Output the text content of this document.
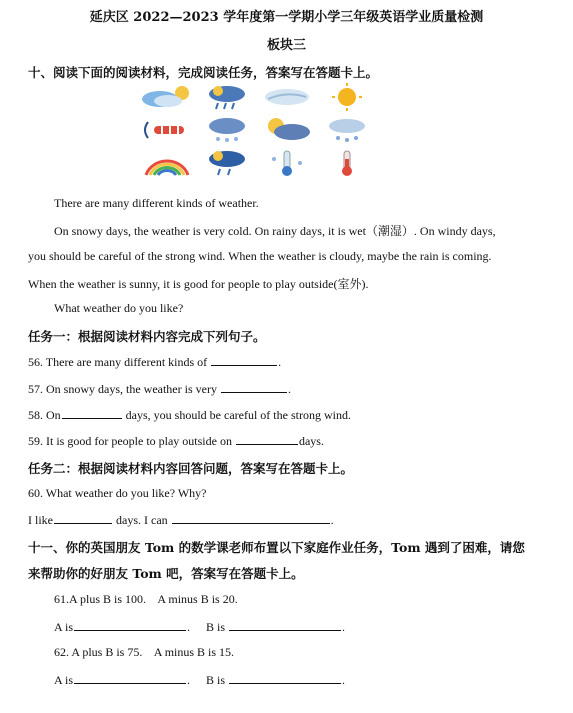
延庆区 2022—2023 学年度第一学期小学三年级英语学业质量检测
板块三
十、阅读下面的阅读材料，完成阅读任务，答案写在答题卡上。
There are many different kinds of weather.
On snowy days, the weather is very cold. On rainy days, it is wet（潮湿）. On windy days,
you should be careful of the strong wind. When the weather is cloudy, maybe the rain is coming.
When the weather is sunny, it is good for people to play outside(室外).
What weather do you like?
任务一：根据阅读材料内容完成下列句子。
56. There are many different kinds of	.
57. On snowy days, the weather is very	.
58. On	days, you should be careful of the strong wind.
59. It is good for people to play outside on	days.
任务二：根据阅读材料内容回答问题，答案写在答题卡上。
60. What weather do you like? Why?
I like	days. I can	.
十一、你的英国朋友 Tom 的数学课老师布置以下家庭作业任务，Tom 遇到了困难，请您
来帮助你的好朋友 Tom 吧，答案写在答题卡上。
61.A plus B is 100.    A minus B is 20.
A is	. B is	.
62. A plus B is 75.    A minus B is 15.
A is	. B is	.
